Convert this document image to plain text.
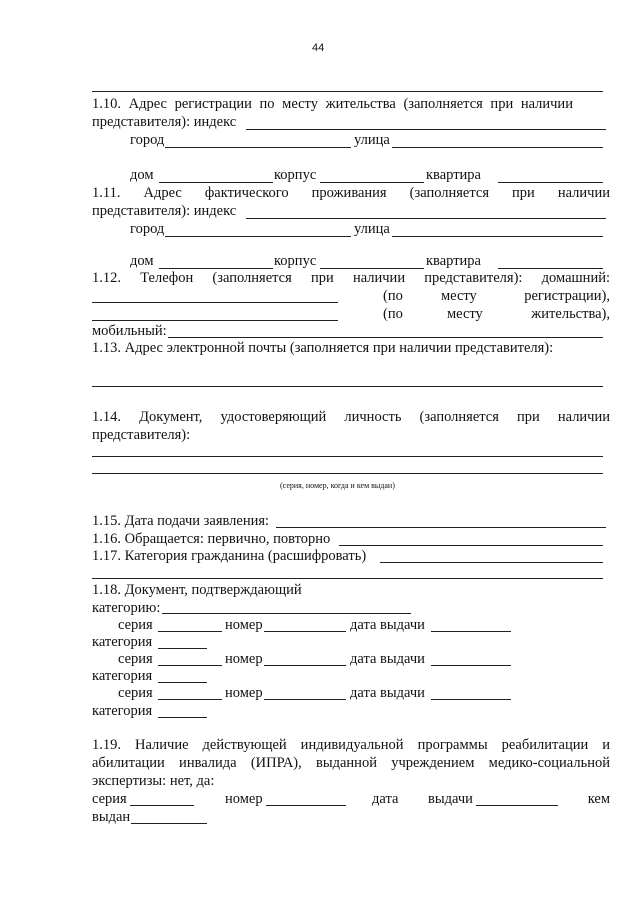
44
1.10. Адрес регистрации по месту жительства (заполняется при наличии
представителя): индекс
город	улица
дом	корпус	квартира
1.11. Адрес фактического проживания (заполняется при наличии
представителя): индекс
город	улица
дом	корпус	квартира
1.12. Телефон (заполняется при наличии представителя): домашний:
(по	месту	регистрации),
(по	месту	жительства),
мобильный:
1.13. Адрес электронной почты (заполняется при наличии представителя):
1.14. Документ, удостоверяющий личность (заполняется при наличии
представителя):
(серия, номер, когда и кем выдан)
1.15. Дата подачи заявления:
1.16. Обращается: первично, повторно
1.17. Категория гражданина (расшифровать)
1.18. Документ, подтверждающий
категорию:
серия	номер	дата выдачи
категория
серия	номер	дата выдачи
категория
серия	номер	дата выдачи
категория
1.19. Наличие действующей индивидуальной программы реабилитации и
абилитации инвалида (ИПРА), выданной учреждением медико-социальной
экспертизы: нет, да:
серия	номер	дата выдачи	кем
выдан
